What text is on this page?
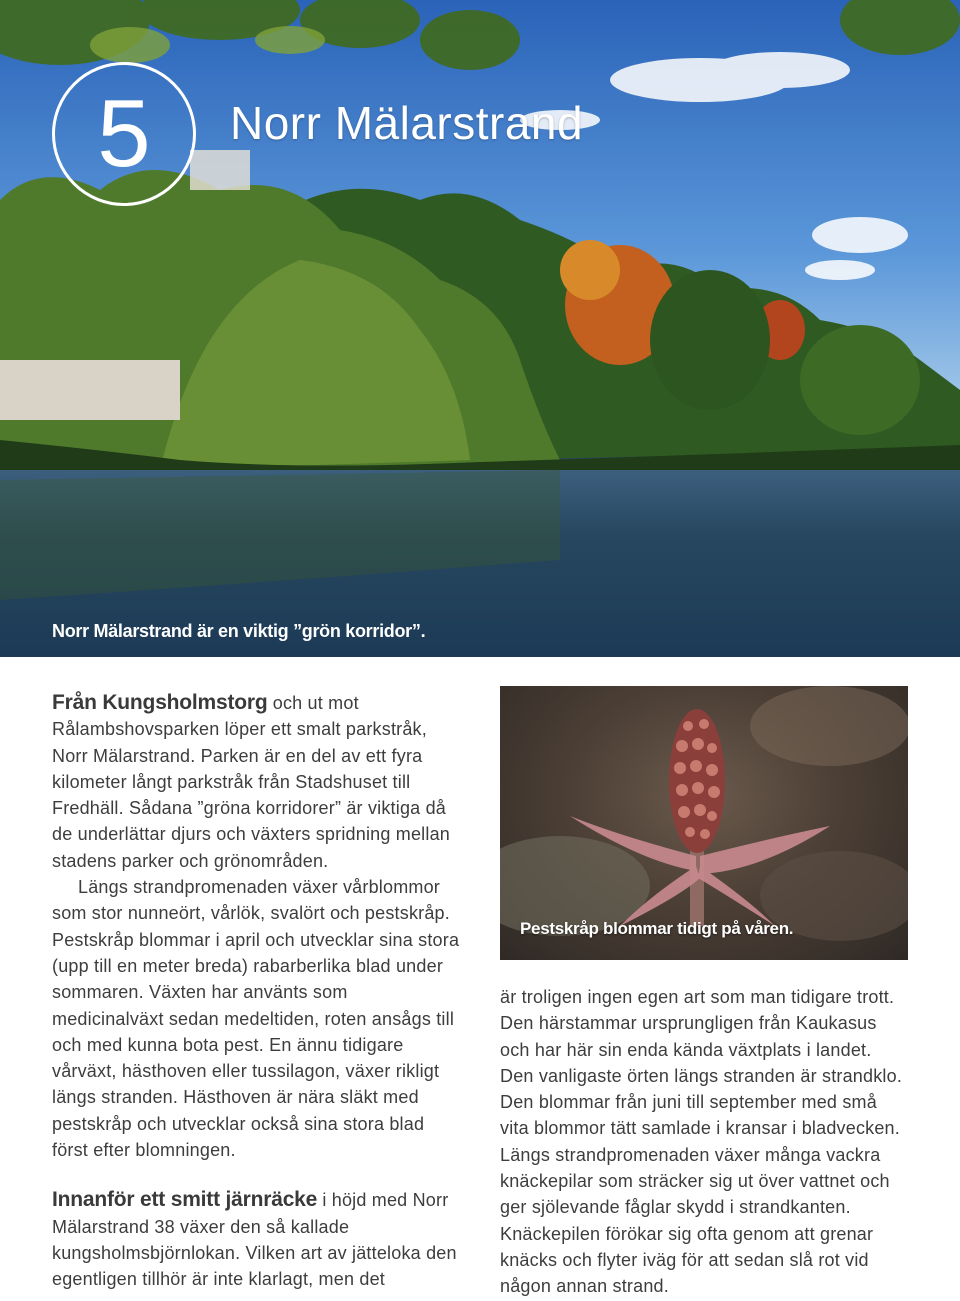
5	Norr Mälarstrand
Norr Mälarstrand är en viktig ”grön korridor”.

Från Kungsholmstorg och ut mot Rålambshovsparken löper ett smalt parkstråk, Norr Mälarstrand. Parken är en del av ett fyra kilometer långt parkstråk från Stadshuset till Fredhäll. Sådana ”gröna korridorer” är viktiga då de underlättar djurs och växters spridning mellan stadens parker och grönområden.

Längs strandpromenaden växer vårblommor som stor nunneört, vårlök, svalört och pestskråp. Pestskråp blommar i april och utvecklar sina stora (upp till en meter breda) rabarberlika blad under sommaren. Växten har använts som medicinalväxt sedan medeltiden, roten ansågs till och med kunna bota pest. En ännu tidigare vårväxt, hästhoven eller tussilagon, växer rikligt längs stranden. Hästhoven är nära släkt med pestskråp och utvecklar också sina stora blad först efter blomningen.

Innanför ett smitt järnräcke i höjd med Norr Mälarstrand 38 växer den så kallade kungsholmsbjörnlokan. Vilken art av jätteloka den egentligen tillhör är inte klarlagt, men det

Pestskråp blommar tidigt på våren.

är troligen ingen egen art som man tidigare trott. Den härstammar ursprungligen från Kaukasus och har här sin enda kända växtplats i landet. Den vanligaste örten längs stranden är strandklo. Den blommar från juni till september med små vita blommor tätt samlade i kransar i bladvecken. Längs strandpromenaden växer många vackra knäckepilar som sträcker sig ut över vattnet och ger sjölevande fåglar skydd i strandkanten. Knäckepilen förökar sig ofta genom att grenar knäcks och flyter iväg för att sedan slå rot vid någon annan strand.
